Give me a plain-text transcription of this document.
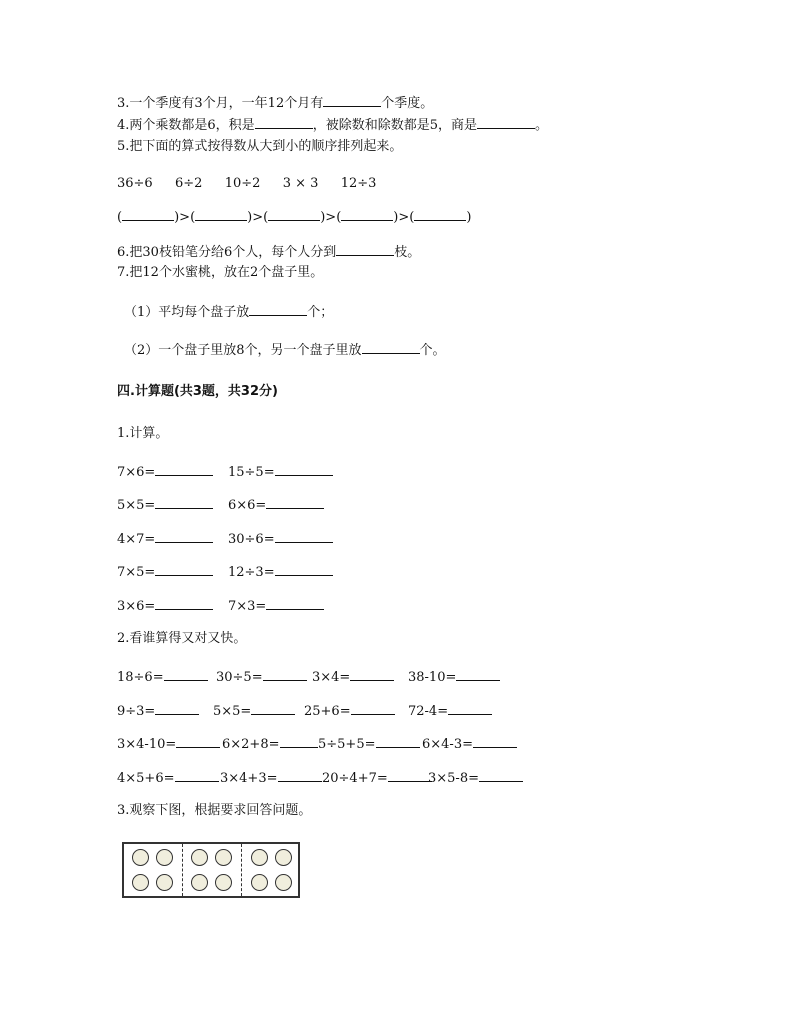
3.一个季度有3个月，一年12个月有	个季度。
4.两个乘数都是6，积是	，被除数和除数都是5，商是	。
5.把下面的算式按得数从大到小的顺序排列起来。
36÷6 6÷2 10÷2 3 × 3 12÷3
(	)>(	)>(	)>(	)>(	)
6.把30枝铅笔分给6个人，每个人分到	枝。
7.把12个水蜜桃，放在2个盘子里。
（1）平均每个盘子放	个；
（2）一个盘子里放8个，另一个盘子里放	个。
四.计算题(共3题，共32分)
1.计算。
7×6=	15÷5=
5×5=	6×6=
4×7=	30÷6=
7×5=	12÷3=
3×6=	7×3=
2.看谁算得又对又快。
18÷6=	30÷5=	3×4=	38-10=
9÷3=	5×5=	25+6=	72-4=
3×4-10=	6×2+8=	5÷5+5=	6×4-3=
4×5+6=	3×4+3=	20÷4+7=	3×5-8=
3.观察下图，根据要求回答问题。
